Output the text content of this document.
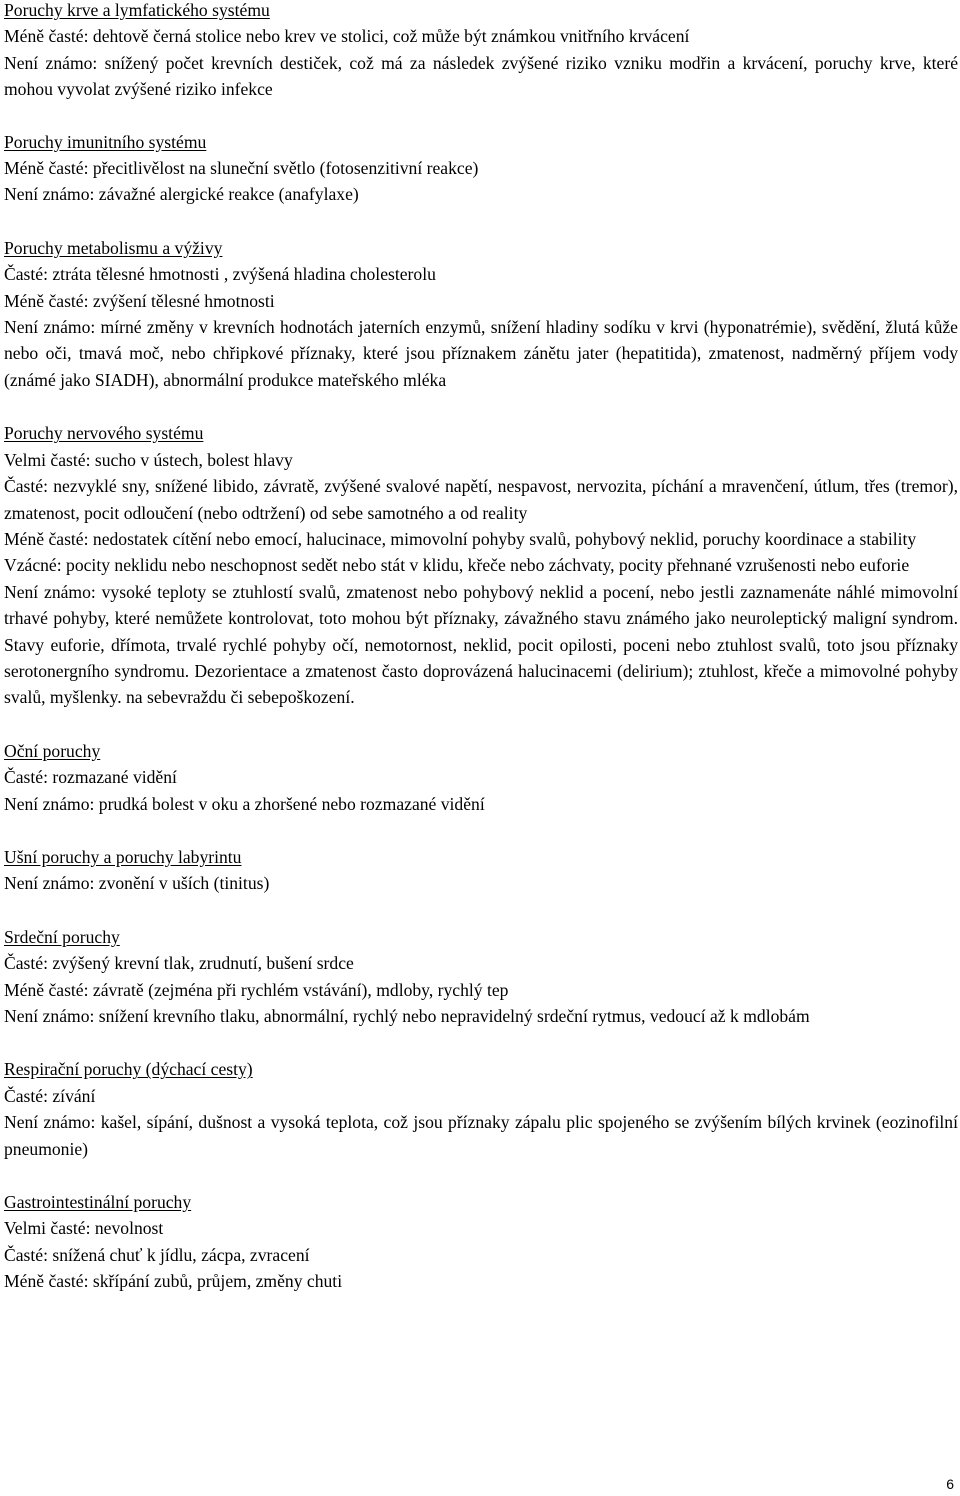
Poruchy krve a lymfatického systému

Méně časté: dehtově černá stolice nebo krev ve stolici, což může být známkou vnitřního krvácení

Není známo: snížený počet krevních destiček, což má za následek zvýšené riziko vzniku modřin a krvácení, poruchy krve, které mohou vyvolat zvýšené riziko infekce

Poruchy imunitního systému

Méně časté: přecitlivělost na sluneční světlo (fotosenzitivní reakce)

Není známo: závažné alergické reakce (anafylaxe)

Poruchy metabolismu a výživy

Časté: ztráta tělesné hmotnosti , zvýšená hladina cholesterolu

Méně časté: zvýšení tělesné hmotnosti

Není známo: mírné změny v krevních hodnotách jaterních enzymů, snížení hladiny sodíku v krvi (hyponatrémie), svědění, žlutá kůže nebo oči, tmavá moč, nebo chřipkové příznaky, které jsou příznakem zánětu jater (hepatitida), zmatenost, nadměrný příjem vody (známé jako SIADH), abnormální produkce mateřského mléka

Poruchy nervového systému

Velmi časté: sucho v ústech, bolest hlavy

Časté: nezvyklé sny, snížené libido, závratě, zvýšené svalové napětí, nespavost, nervozita, píchání a mravenčení, útlum, třes (tremor), zmatenost, pocit odloučení (nebo odtržení) od sebe samotného a od reality

Méně časté: nedostatek cítění nebo emocí, halucinace, mimovolní pohyby svalů, pohybový neklid, poruchy koordinace a stability

Vzácné: pocity neklidu nebo neschopnost sedět nebo stát v klidu, křeče nebo záchvaty, pocity přehnané vzrušenosti nebo euforie

Není známo: vysoké teploty se ztuhlostí svalů, zmatenost nebo pohybový neklid a pocení, nebo jestli zaznamenáte náhlé mimovolní trhavé pohyby, které nemůžete kontrolovat, toto mohou být příznaky, závažného stavu známého jako neuroleptický maligní syndrom. Stavy euforie, dřímota, trvalé rychlé pohyby očí, nemotornost, neklid, pocit opilosti, poceni nebo ztuhlost svalů, toto jsou příznaky serotonergního syndromu. Dezorientace a zmatenost často doprovázená halucinacemi (delirium); ztuhlost, křeče a mimovolné pohyby svalů, myšlenky. na sebevraždu či sebepoškození.

Oční poruchy

Časté: rozmazané vidění

Není známo: prudká bolest v oku a zhoršené nebo rozmazané vidění

Ušní poruchy a poruchy labyrintu

Není známo: zvonění v uších (tinitus)

Srdeční poruchy

Časté: zvýšený krevní tlak, zrudnutí, bušení srdce

Méně časté: závratě (zejména při rychlém vstávání), mdloby, rychlý tep

Není známo: snížení krevního tlaku, abnormální, rychlý nebo nepravidelný srdeční rytmus, vedoucí až k mdlobám

Respirační poruchy (dýchací cesty)

Časté: zívání

Není známo: kašel, sípání, dušnost a vysoká teplota, což jsou příznaky zápalu plic spojeného se zvýšením bílých krvinek (eozinofilní pneumonie)

Gastrointestinální poruchy

Velmi časté: nevolnost

Časté: snížená chuť k jídlu, zácpa, zvracení

Méně časté: skřípání zubů, průjem, změny chuti

6
